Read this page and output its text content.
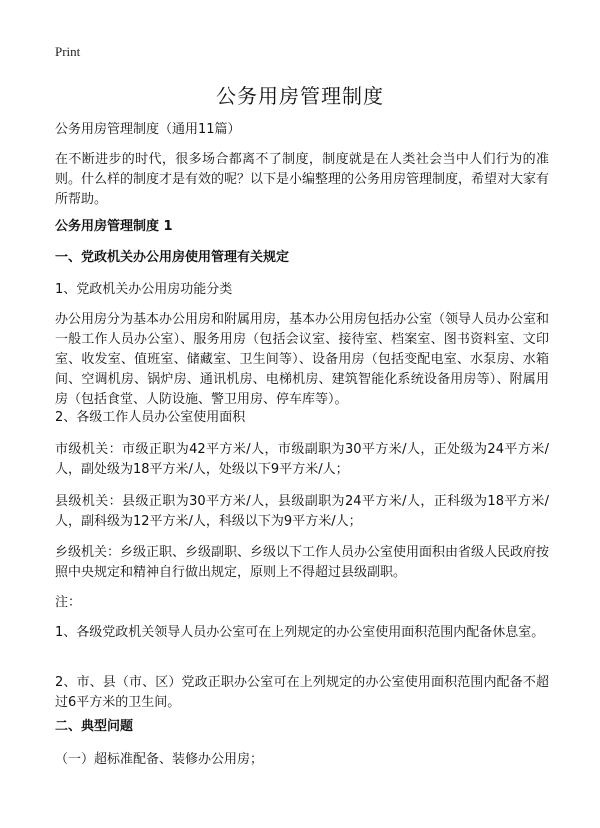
Print
公务用房管理制度

公务用房管理制度（通用11篇）

在不断进步的时代，很多场合都离不了制度，制度就是在人类社会当中人们行为的准则。什么样的制度才是有效的呢？以下是小编整理的公务用房管理制度，希望对大家有所帮助。

公务用房管理制度 1

一、党政机关办公用房使用管理有关规定

1、党政机关办公用房功能分类

办公用房分为基本办公用房和附属用房，基本办公用房包括办公室（领导人员办公室和一般工作人员办公室）、服务用房（包括会议室、接待室、档案室、图书资料室、文印室、收发室、值班室、储藏室、卫生间等）、设备用房（包括变配电室、水泵房、水箱间、空调机房、锅炉房、通讯机房、电梯机房、建筑智能化系统设备用房等）、附属用房（包括食堂、人防设施、警卫用房、停车库等）。

2、各级工作人员办公室使用面积

市级机关：市级正职为42平方米/人，市级副职为30平方米/人，正处级为24平方米/人，副处级为18平方米/人，处级以下9平方米/人；

县级机关：县级正职为30平方米/人，县级副职为24平方米/人，正科级为18平方米/人，副科级为12平方米/人，科级以下为9平方米/人；

乡级机关：乡级正职、乡级副职、乡级以下工作人员办公室使用面积由省级人民政府按照中央规定和精神自行做出规定，原则上不得超过县级副职。

注：

1、各级党政机关领导人员办公室可在上列规定的办公室使用面积范围内配备休息室。

2、市、县（市、区）党政正职办公室可在上列规定的办公室使用面积范围内配备不超过6平方米的卫生间。

二、典型问题

（一）超标准配备、装修办公用房；
